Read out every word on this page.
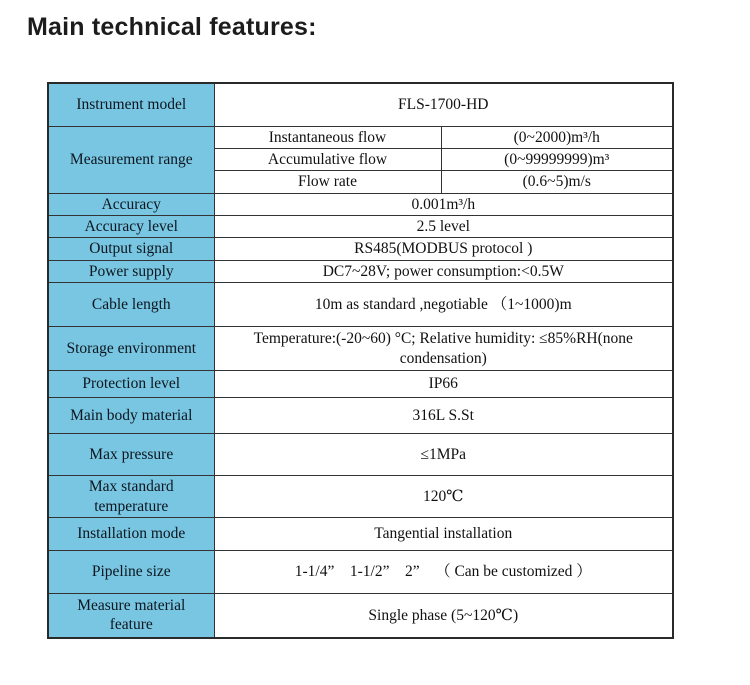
Main technical features:
Instrument model	FLS-1700-HD	
Measurement range	Instantaneous flow	(0~2000)m³/h
	Accumulative flow	(0~99999999)m³
	Flow rate	(0.6~5)m/s
Accuracy	0.001m³/h	
Accuracy level	2.5 level	
Output signal	RS485(MODBUS protocol )	
Power supply	DC7~28V; power consumption:<0.5W	
Cable length	10m as standard ,negotiable （1~1000)m	
Storage environment	Temperature:(-20~60) °C; Relative humidity: ≤85%RH(none condensation)	
Protection level	IP66	
Main body material	316L S.St	
Max pressure	≤1MPa	
Max standard temperature	120℃	
Installation mode	Tangential installation	
Pipeline size	1-1/4”    1-1/2”    2”    （ Can be customized ）	
Measure material feature	Single phase (5~120℃)	
